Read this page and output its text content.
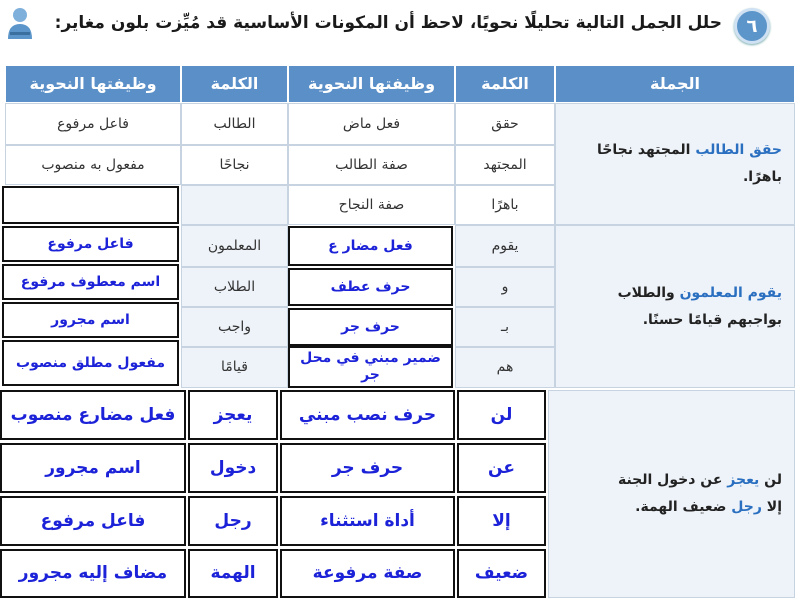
٦
حلل الجمل التالية تحليلًا نحويًا، لاحظ أن المكونات الأساسية قد مُيِّزت بلون مغاير:
الجملة
الكلمة
وظيفتها النحوية
الكلمة
وظيفتها النحوية
حقق الطالب المجتهد نجاحًا
باهرًا.
حقق
فعل ماض
المجتهد
صفة الطالب
باهرًا
صفة النجاح
الطالب
فاعل مرفوع
نجاحًا
مفعول به منصوب
يقوم المعلمون والطلاب
بواجبهم قيامًا حسنًا.
يقوم
و
بـ
هم
فعل مضار ع
حرف عطف
حرف جر
ضمير مبني في محل جر
المعلمون
الطلاب
واجب
قيامًا
فاعل مرفوع
اسم معطوف مرفوع
اسم مجرور
مفعول مطلق منصوب
لن يعجز عن دخول الجنة
إلا رجل ضعيف الهمة.
لن
حرف نصب مبني
يعجز
فعل مضارع منصوب
عن
حرف جر
دخول
اسم مجرور
إلا
أداة استثناء
رجل
فاعل مرفوع
ضعيف
صفة مرفوعة
الهمة
مضاف إليه مجرور
